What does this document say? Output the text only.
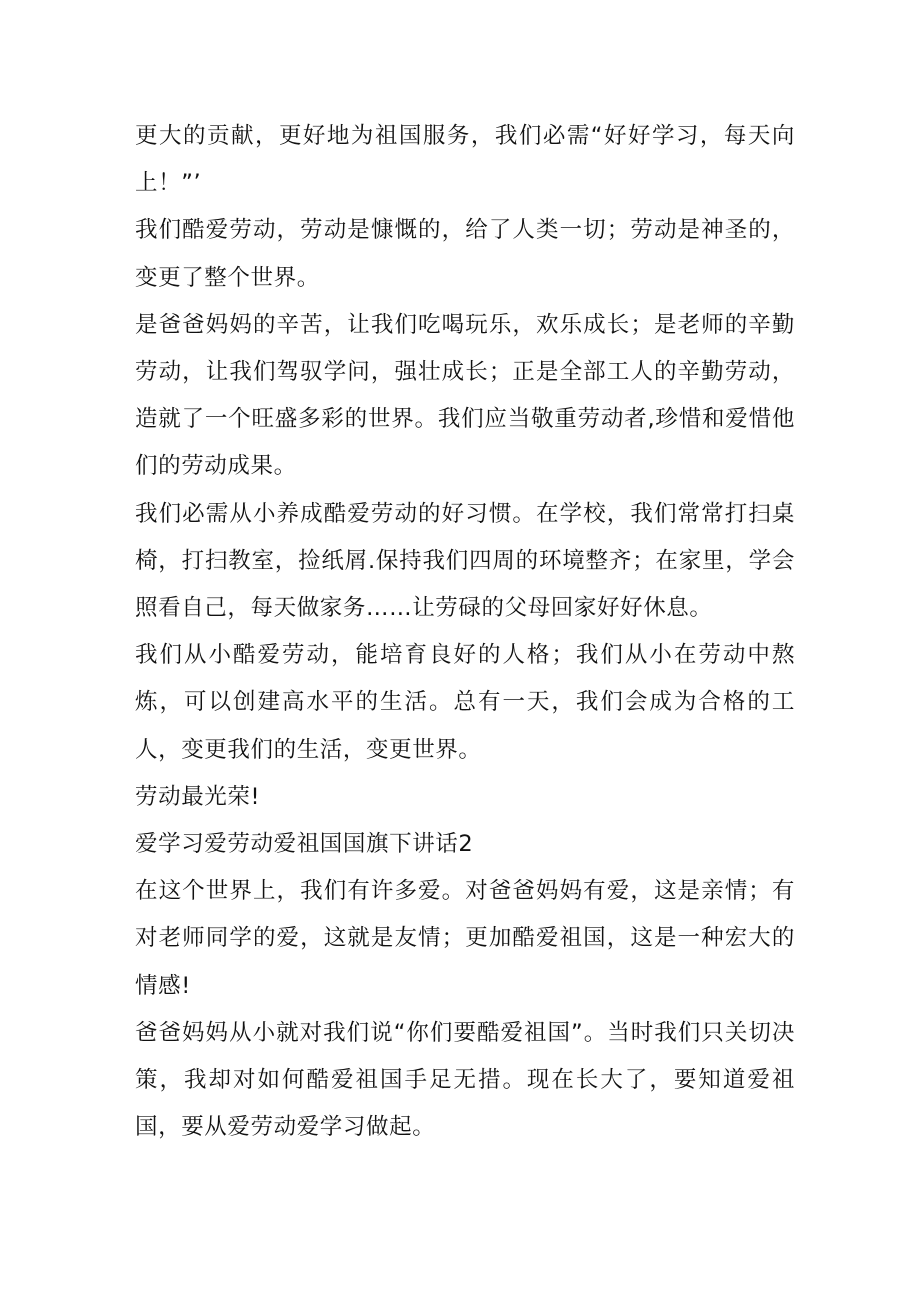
更大的贡献，更好地为祖国服务，我们必需“好好学习，每天向上！”’

我们酷爱劳动，劳动是慷慨的，给了人类一切；劳动是神圣的，变更了整个世界。

是爸爸妈妈的辛苦，让我们吃喝玩乐，欢乐成长；是老师的辛勤劳动，让我们驾驭学问，强壮成长；正是全部工人的辛勤劳动，造就了一个旺盛多彩的世界。我们应当敬重劳动者,珍惜和爱惜他们的劳动成果。

我们必需从小养成酷爱劳动的好习惯。在学校，我们常常打扫桌椅，打扫教室，捡纸屑.保持我们四周的环境整齐；在家里，学会照看自己，每天做家务……让劳碌的父母回家好好休息。

我们从小酷爱劳动，能培育良好的人格；我们从小在劳动中熬炼，可以创建高水平的生活。总有一天，我们会成为合格的工人，变更我们的生活，变更世界。

劳动最光荣!

爱学习爱劳动爱祖国国旗下讲话2

在这个世界上，我们有许多爱。对爸爸妈妈有爱，这是亲情；有对老师同学的爱，这就是友情；更加酷爱祖国，这是一种宏大的情感!

爸爸妈妈从小就对我们说“你们要酷爱祖国”。当时我们只关切决策，我却对如何酷爱祖国手足无措。现在长大了，要知道爱祖国，要从爱劳动爱学习做起。
